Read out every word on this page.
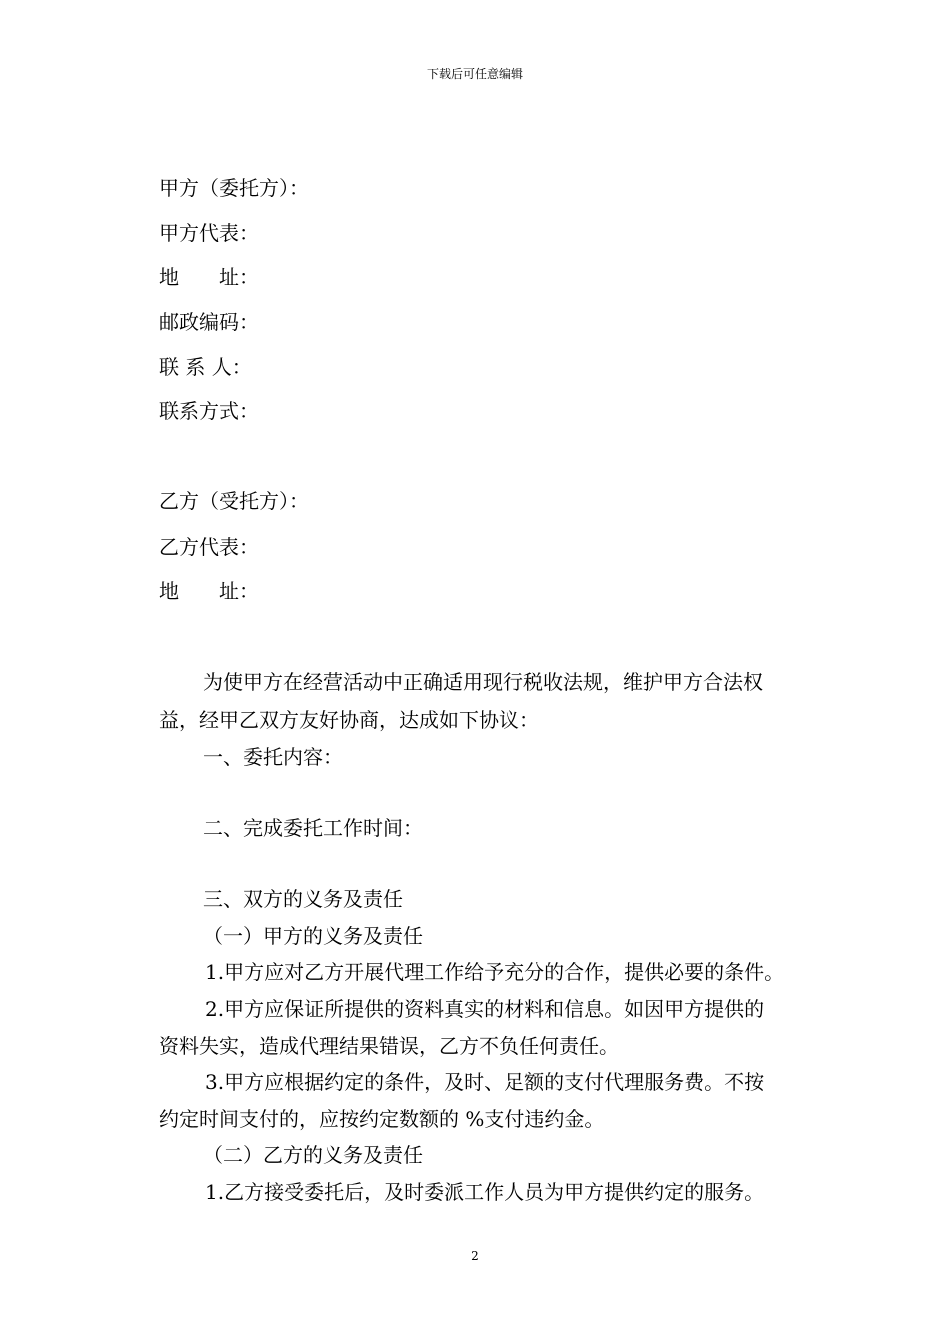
下载后可任意编辑
甲方（委托方）：
甲方代表：
地　　址：
邮政编码：
联 系 人：
联系方式：
乙方（受托方）：
乙方代表：
地　　址：
为使甲方在经营活动中正确适用现行税收法规，维护甲方合法权
益，经甲乙双方友好协商，达成如下协议：
一、委托内容：
二、完成委托工作时间：
三、双方的义务及责任
（一）甲方的义务及责任
1.甲方应对乙方开展代理工作给予充分的合作，提供必要的条件。
2.甲方应保证所提供的资料真实的材料和信息。如因甲方提供的
资料失实，造成代理结果错误，乙方不负任何责任。
3.甲方应根据约定的条件，及时、足额的支付代理服务费。不按
约定时间支付的，应按约定数额的 %支付违约金。
（二）乙方的义务及责任
1.乙方接受委托后，及时委派工作人员为甲方提供约定的服务。
2
